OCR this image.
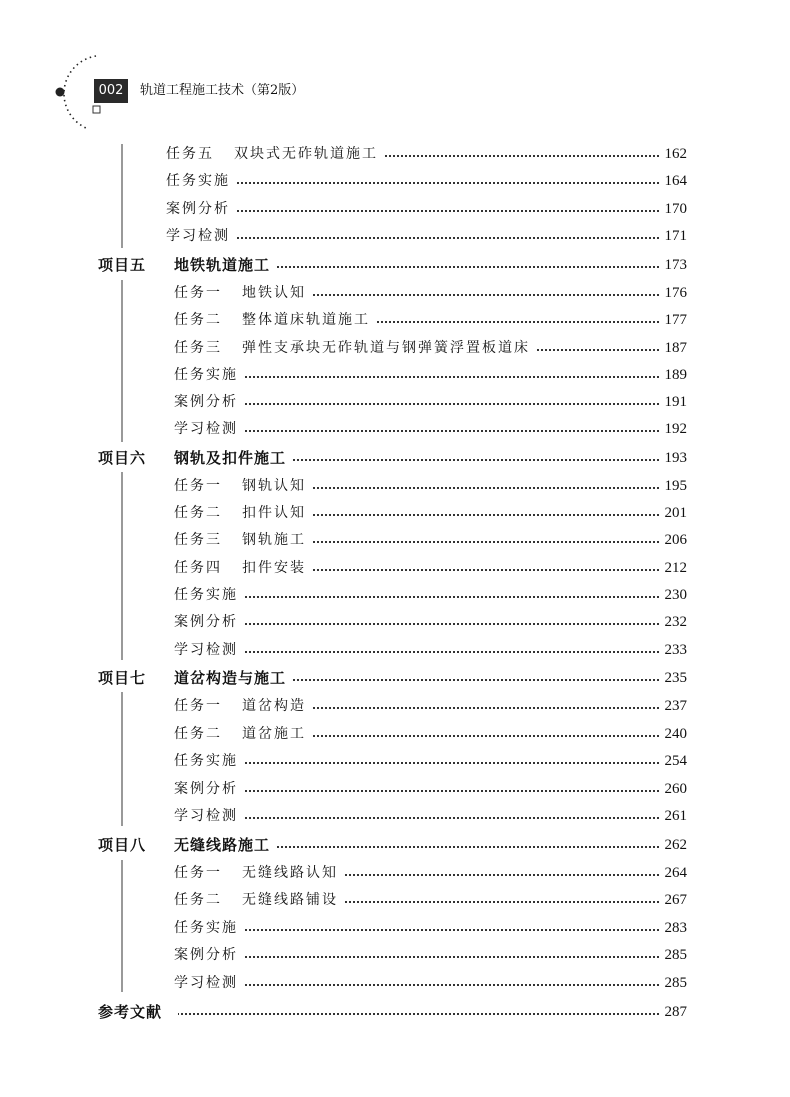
002	轨道工程施工技术（第2版）
任务五 双块式无砟轨道施工	162
任务实施	164
案例分析	170
学习检测	171
项目五 地铁轨道施工	173
任务一 地铁认知	176
任务二 整体道床轨道施工	177
任务三 弹性支承块无砟轨道与钢弹簧浮置板道床	187
任务实施	189
案例分析	191
学习检测	192
项目六 钢轨及扣件施工	193
任务一 钢轨认知	195
任务二 扣件认知	201
任务三 钢轨施工	206
任务四 扣件安装	212
任务实施	230
案例分析	232
学习检测	233
项目七 道岔构造与施工	235
任务一 道岔构造	237
任务二 道岔施工	240
任务实施	254
案例分析	260
学习检测	261
项目八 无缝线路施工	262
任务一 无缝线路认知	264
任务二 无缝线路铺设	267
任务实施	283
案例分析	285
学习检测	285
参考文献	287
